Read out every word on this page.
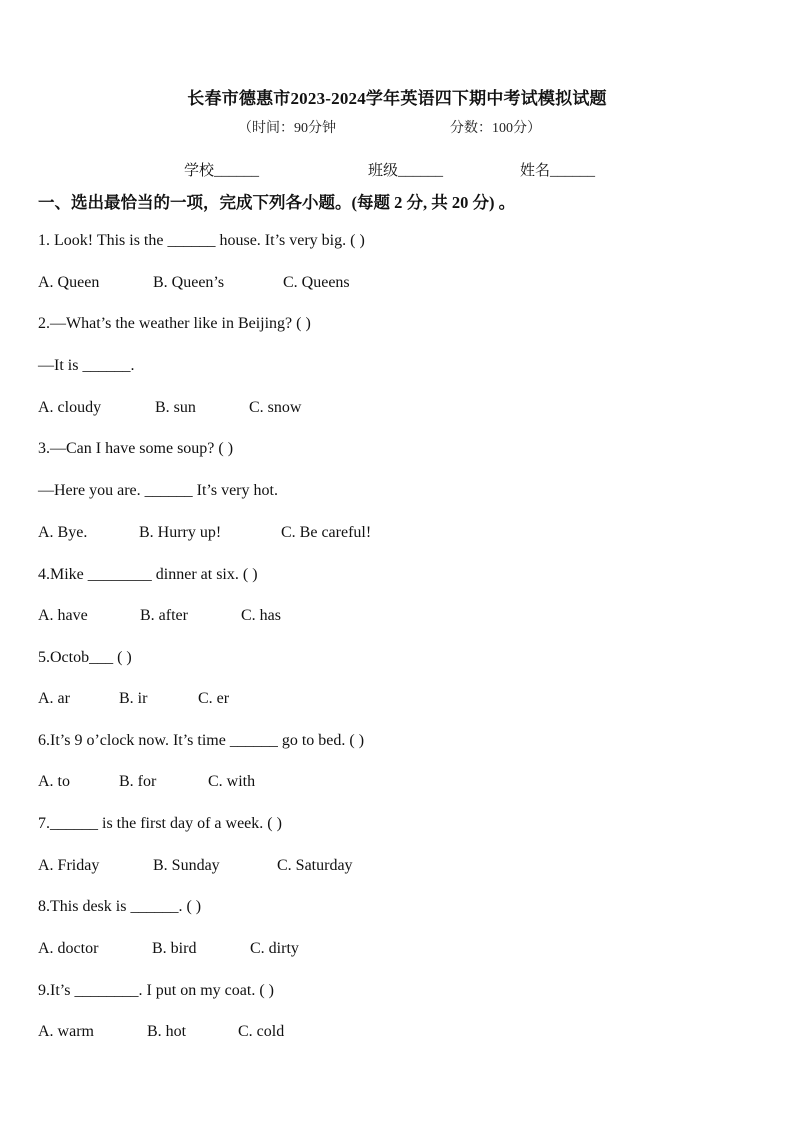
长春市德惠市2023-2024学年英语四下期中考试模拟试题
（时间：90分钟	分数：100分）
学校______	班级______	姓名______
一、选出最恰当的一项，完成下列各小题。(每题 2 分, 共 20 分) 。
1. Look! This is the ______ house. It’s very big. ( )
A. Queen	B. Queen’s	C. Queens
2.—What’s the weather like in Beijing? ( )
—It is ______.
A. cloudy	B. sun	C. snow
3.—Can I have some soup? ( )
—Here you are. ______ It’s very hot.
A. Bye.	B. Hurry up!	C. Be careful!
4.Mike ________ dinner at six. ( )
A. have	B. after	C. has
5.Octob___ ( )
A. ar	B. ir	C. er
6.It’s 9 o’clock now. It’s time ______ go to bed. ( )
A. to	B. for	C. with
7.______ is the first day of a week. ( )
A. Friday	B. Sunday	C. Saturday
8.This desk is ______. ( )
A. doctor	B. bird	C. dirty
9.It’s ________. I put on my coat. ( )
A. warm	B. hot	C. cold
